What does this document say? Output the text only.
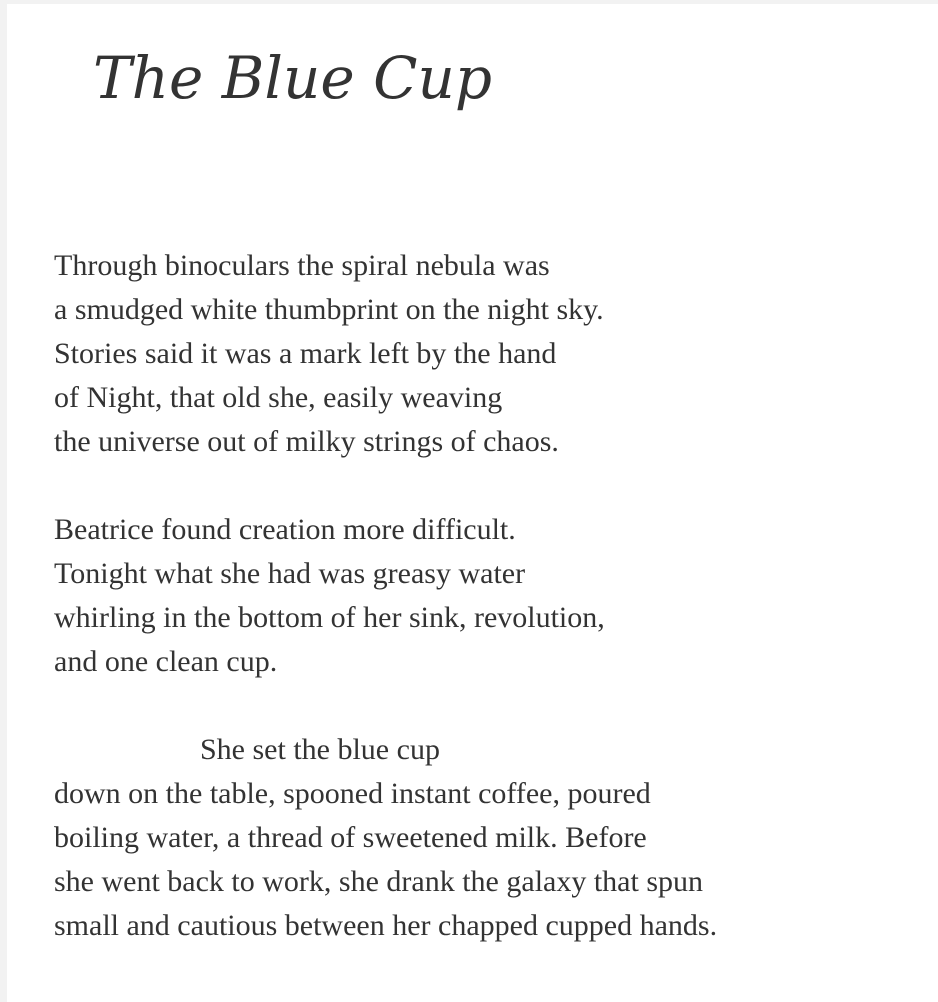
The Blue Cup
Through binoculars the spiral nebula was
a smudged white thumbprint on the night sky.
Stories said it was a mark left by the hand
of Night, that old she, easily weaving
the universe out of milky strings of chaos.
Beatrice found creation more difficult.
Tonight what she had was greasy water
whirling in the bottom of her sink, revolution,
and one clean cup.
She set the blue cup
down on the table, spooned instant coffee, poured
boiling water, a thread of sweetened milk. Before
she went back to work, she drank the galaxy that spun
small and cautious between her chapped cupped hands.
